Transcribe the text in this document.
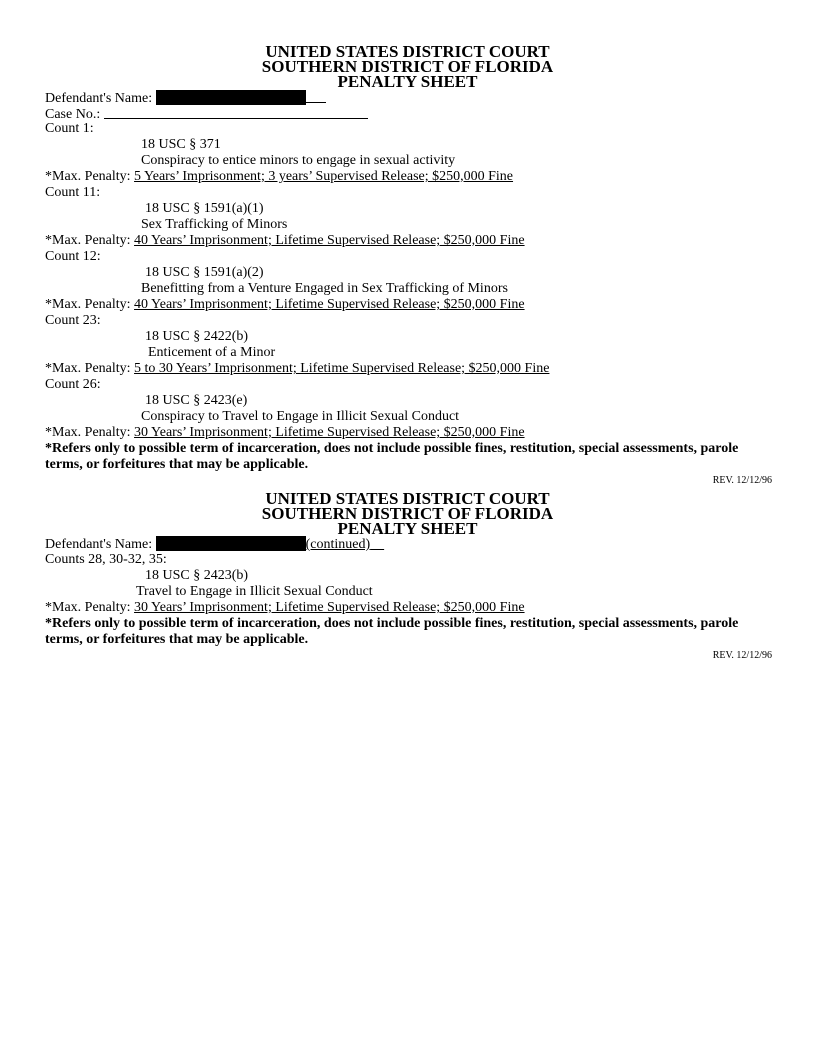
UNITED STATES DISTRICT COURT
SOUTHERN DISTRICT OF FLORIDA
PENALTY SHEET
Defendant's Name:
Case No.:
Count 1:
18 USC § 371
Conspiracy to entice minors to engage in sexual activity
*Max. Penalty: 5 Years’ Imprisonment; 3 years’ Supervised Release; $250,000 Fine
Count 11:
18 USC § 1591(a)(1)
Sex Trafficking of Minors
*Max. Penalty: 40 Years’ Imprisonment; Lifetime Supervised Release; $250,000 Fine
Count 12:
18 USC § 1591(a)(2)
Benefitting from a Venture Engaged in Sex Trafficking of Minors
*Max. Penalty: 40 Years’ Imprisonment; Lifetime Supervised Release; $250,000 Fine
Count 23:
18 USC § 2422(b)
Enticement of a Minor
*Max. Penalty: 5 to 30 Years’ Imprisonment; Lifetime Supervised Release; $250,000 Fine
Count 26:
18 USC § 2423(e)
Conspiracy to Travel to Engage in Illicit Sexual Conduct
*Max. Penalty: 30 Years’ Imprisonment; Lifetime Supervised Release; $250,000 Fine
*Refers only to possible term of incarceration, does not include possible fines, restitution, special assessments, parole terms, or forfeitures that may be applicable.
REV. 12/12/96
UNITED STATES DISTRICT COURT
SOUTHERN DISTRICT OF FLORIDA
PENALTY SHEET
Defendant's Name:	(continued)
Counts 28, 30-32, 35:
18 USC § 2423(b)
Travel to Engage in Illicit Sexual Conduct
*Max. Penalty: 30 Years’ Imprisonment; Lifetime Supervised Release; $250,000 Fine
*Refers only to possible term of incarceration, does not include possible fines, restitution, special assessments, parole terms, or forfeitures that may be applicable.
REV. 12/12/96
